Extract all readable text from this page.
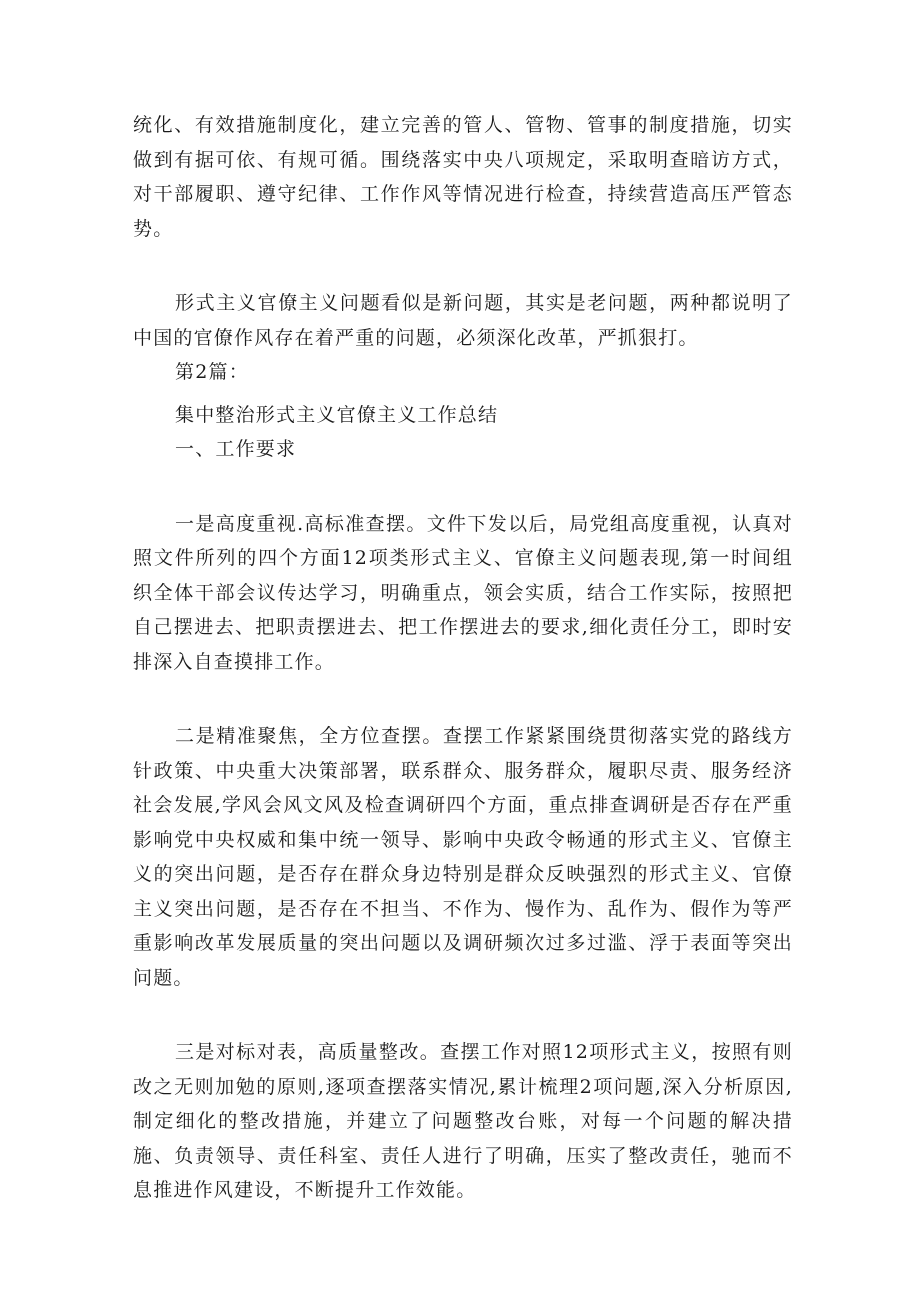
统化、有效措施制度化，建立完善的管人、管物、管事的制度措施，切实做到有据可依、有规可循。围绕落实中央八项规定，采取明查暗访方式，对干部履职、遵守纪律、工作作风等情况进行检查，持续营造高压严管态势。

形式主义官僚主义问题看似是新问题，其实是老问题，两种都说明了中国的官僚作风存在着严重的问题，必须深化改革，严抓狠打。

第2篇：

集中整治形式主义官僚主义工作总结

一、工作要求

一是高度重视.高标准查摆。文件下发以后，局党组高度重视，认真对照文件所列的四个方面12项类形式主义、官僚主义问题表现,第一时间组织全体干部会议传达学习，明确重点，领会实质，结合工作实际，按照把自己摆进去、把职责摆进去、把工作摆进去的要求,细化责任分工，即时安排深入自查摸排工作。

二是精准聚焦，全方位查摆。查摆工作紧紧围绕贯彻落实党的路线方针政策、中央重大决策部署，联系群众、服务群众，履职尽责、服务经济社会发展,学风会风文风及检查调研四个方面，重点排查调研是否存在严重影响党中央权威和集中统一领导、影响中央政令畅通的形式主义、官僚主义的突出问题，是否存在群众身边特别是群众反映强烈的形式主义、官僚主义突出问题，是否存在不担当、不作为、慢作为、乱作为、假作为等严重影响改革发展质量的突出问题以及调研频次过多过滥、浮于表面等突出问题。

三是对标对表，高质量整改。查摆工作对照12项形式主义，按照有则改之无则加勉的原则,逐项查摆落实情况,累计梳理2项问题,深入分析原因,制定细化的整改措施，并建立了问题整改台账，对每一个问题的解决措施、负责领导、责任科室、责任人进行了明确，压实了整改责任，驰而不息推进作风建设，不断提升工作效能。
